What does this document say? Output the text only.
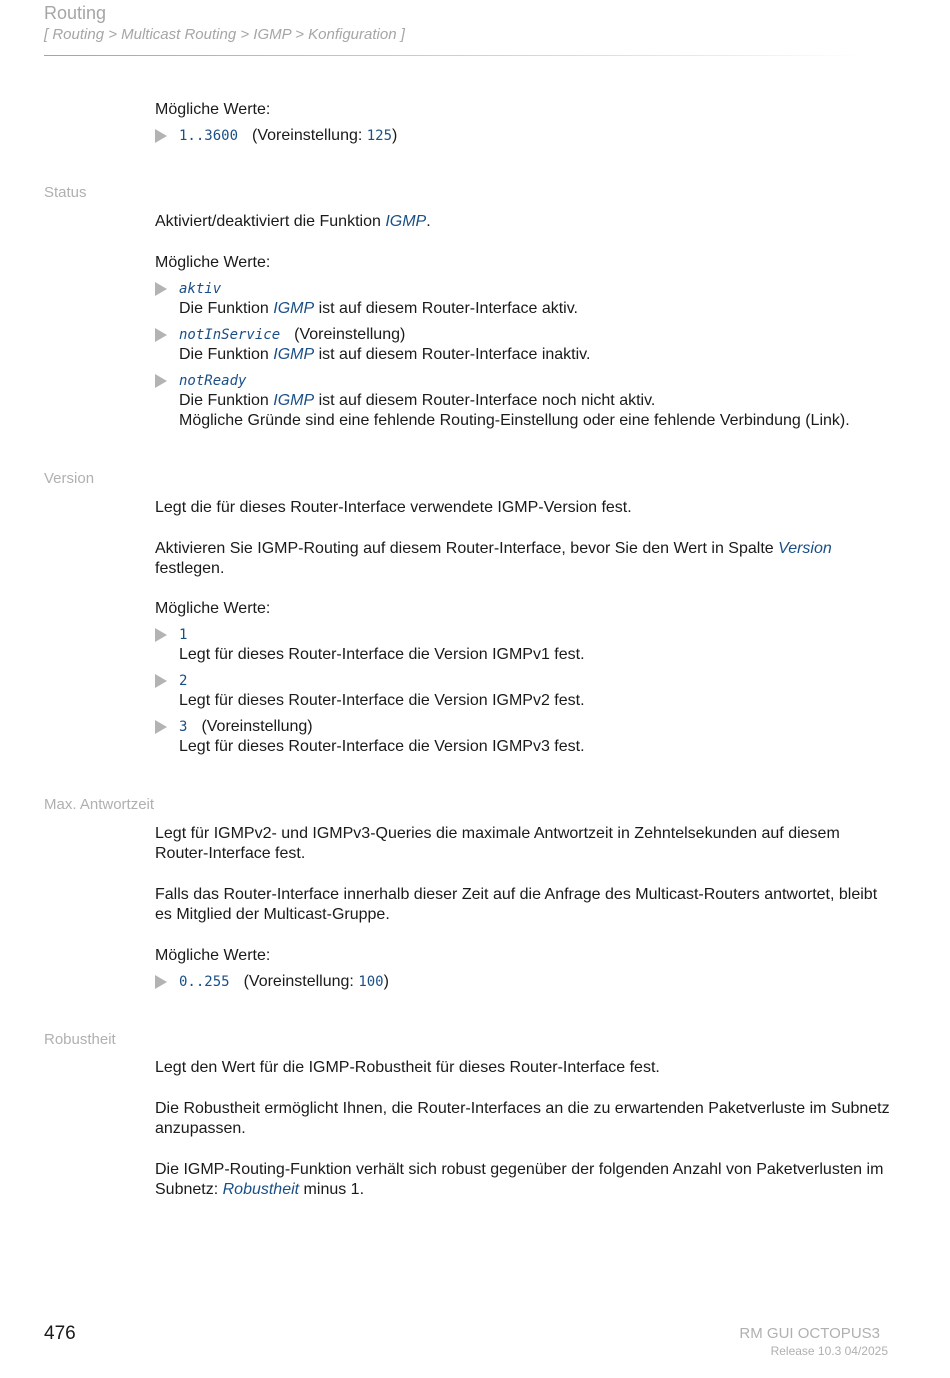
Routing
[ Routing > Multicast Routing > IGMP > Konfiguration ]

Mögliche Werte:

1..3600 (Voreinstellung: 125)
Status

Aktiviert/deaktiviert die Funktion IGMP.

Mögliche Werte:

aktiv
Die Funktion IGMP ist auf diesem Router-Interface aktiv.
notInService (Voreinstellung)
Die Funktion IGMP ist auf diesem Router-Interface inaktiv.
notReady
Die Funktion IGMP ist auf diesem Router-Interface noch nicht aktiv.
Mögliche Gründe sind eine fehlende Routing-Einstellung oder eine fehlende Verbindung (Link).
Version

Legt die für dieses Router-Interface verwendete IGMP-Version fest.

Aktivieren Sie IGMP-Routing auf diesem Router-Interface, bevor Sie den Wert in Spalte Version festlegen.

Mögliche Werte:

1
Legt für dieses Router-Interface die Version IGMPv1 fest.
2
Legt für dieses Router-Interface die Version IGMPv2 fest.
3 (Voreinstellung)
Legt für dieses Router-Interface die Version IGMPv3 fest.
Max. Antwortzeit

Legt für IGMPv2- und IGMPv3-Queries die maximale Antwortzeit in Zehntelsekunden auf diesem Router-Interface fest.

Falls das Router-Interface innerhalb dieser Zeit auf die Anfrage des Multicast-Routers antwortet, bleibt es Mitglied der Multicast-Gruppe.

Mögliche Werte:

0..255 (Voreinstellung: 100)
Robustheit

Legt den Wert für die IGMP-Robustheit für dieses Router-Interface fest.

Die Robustheit ermöglicht Ihnen, die Router-Interfaces an die zu erwartenden Paketverluste im Subnetz anzupassen.

Die IGMP-Routing-Funktion verhält sich robust gegenüber der folgenden Anzahl von Paketverlusten im Subnetz: Robustheit minus 1.

476	RM GUI OCTOPUS3
Release 10.3 04/2025
